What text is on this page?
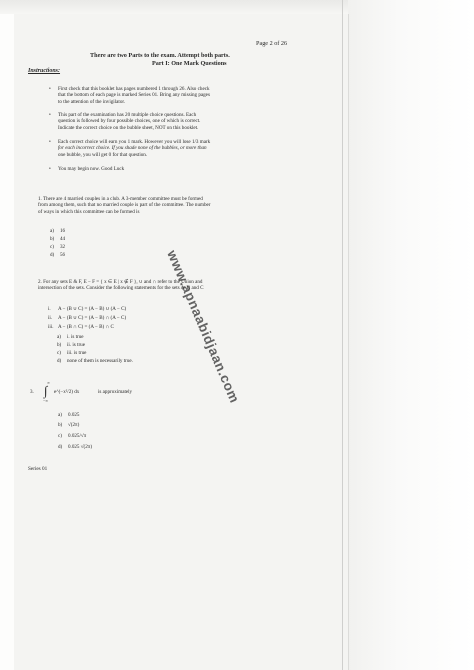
Page 2 of 26
There are two Parts to the exam. Attempt both parts.
Part I: One Mark Questions
Instructions:
• First check that this booklet has pages numbered 1 through 26. Also check
that the bottom of each page is marked Series 01. Bring any missing pages
to the attention of the invigilator.
• This part of the examination has 20 multiple choice questions. Each
question is followed by four possible choices, one of which is correct.
Indicate the correct choice on the bubble sheet, NOT on this booklet.
• Each correct choice will earn you 1 mark. However you will lose 1/3 mark
for each incorrect choice. If you shade none of the bubbles, or more than
one bubble, you will get 0 for that question.
• You may begin now. Good Luck
1. There are 4 married couples in a club. A 3-member committee must be formed
from among them, such that no married couple is part of the committee. The number
of ways in which this committee can be formed is
a) 16
b) 44
c) 32
d) 56
2. For any sets E & F, E − F = { x ∈ E | x ∉ F }, ∪ and ∩ refer to the Union and
intersection of the sets. Consider the following statements for the sets A, B and C
i. A − (B ∪ C) = (A − B) ∪ (A − C)
ii. A − (B ∪ C) = (A − B) ∩ (A − C)
iii. A − (B ∩ C) = (A − B) ∩ C
a) i. is true
b) ii. is true
c) iii. is true
d) none of them is necessarily true.
3.
∞
∫
−∞
e^(−x²/2) dx	is approximately
a) 0.025
b) √(2π)
c) 0.025/√π
d) 0.025 √(2π)
Series 01
www.apnaabidjaan.com
